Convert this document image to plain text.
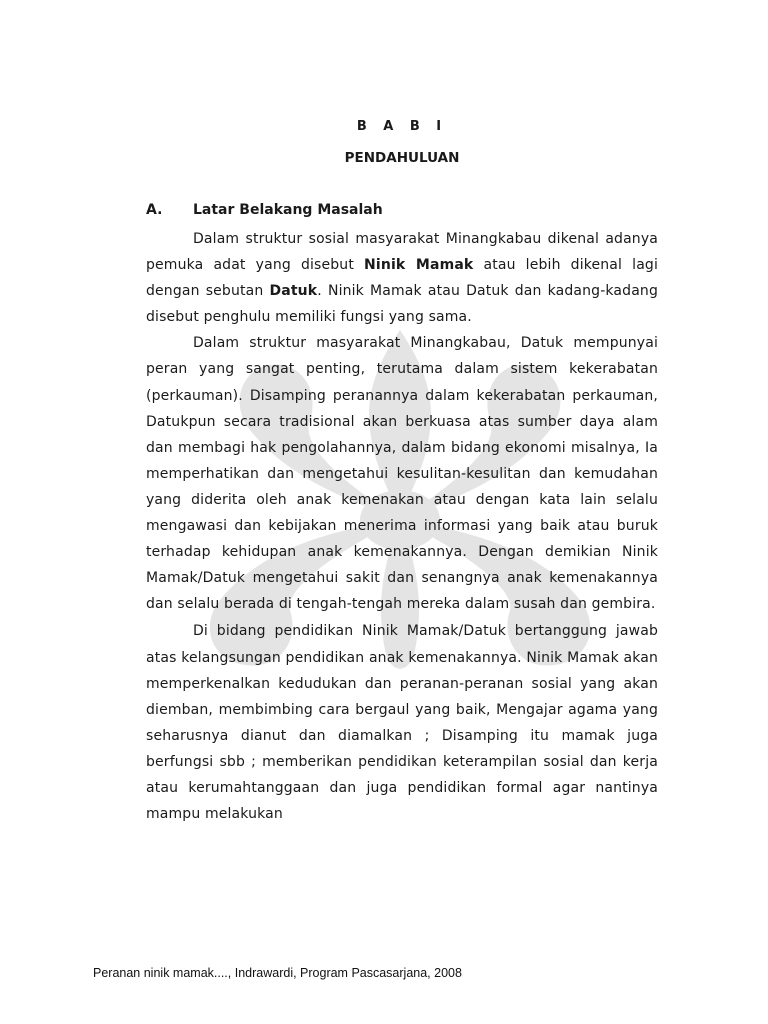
B A B I
PENDAHULUAN
A. Latar Belakang Masalah

Dalam struktur sosial masyarakat Minangkabau dikenal adanya pemuka adat yang disebut Ninik Mamak atau lebih dikenal lagi dengan sebutan Datuk. Ninik Mamak atau Datuk dan kadang-kadang disebut penghulu memiliki fungsi yang sama.

Dalam struktur masyarakat Minangkabau, Datuk mempunyai peran yang sangat penting, terutama dalam sistem kekerabatan (perkauman). Disamping peranannya dalam kekerabatan perkauman, Datukpun secara tradisional akan berkuasa atas sumber daya alam dan membagi hak pengolahannya, dalam bidang ekonomi misalnya, Ia memperhatikan dan mengetahui kesulitan-kesulitan dan kemudahan yang diderita oleh anak kemenakan atau dengan kata lain selalu mengawasi dan kebijakan menerima informasi yang baik atau buruk terhadap kehidupan anak kemenakannya. Dengan demikian Ninik Mamak/Datuk mengetahui sakit dan senangnya anak kemenakannya dan selalu berada di tengah-tengah mereka dalam susah dan gembira.

Di bidang pendidikan Ninik Mamak/Datuk bertanggung jawab atas kelangsungan pendidikan anak kemenakannya. Ninik Mamak akan memperkenalkan kedudukan dan peranan-peranan sosial yang akan diemban, membimbing cara bergaul yang baik, Mengajar agama yang seharusnya dianut dan diamalkan ; Disamping itu mamak juga berfungsi sbb ; memberikan pendidikan keterampilan sosial dan kerja atau kerumahtanggaan dan juga pendidikan formal agar nantinya mampu melakukan

Peranan ninik mamak...., Indrawardi, Program Pascasarjana, 2008
